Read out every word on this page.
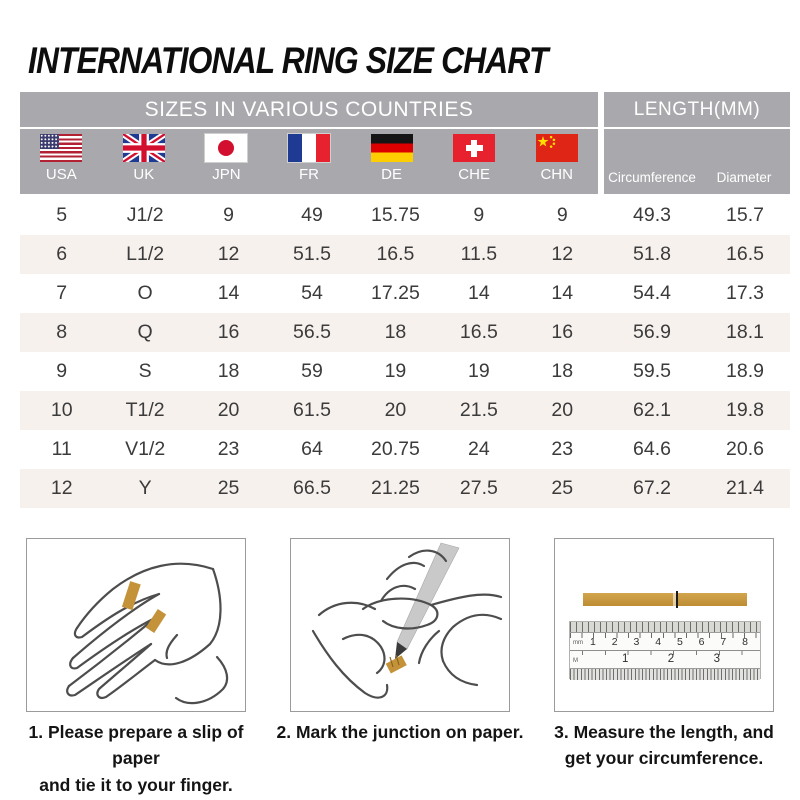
INTERNATIONAL RING SIZE CHART
SIZES IN VARIOUS COUNTRIES
USA	UK	JPN	FR	DE	CHE	CHN
LENGTH(MM)
Circumference	Diameter
5	J1/2	9	49	15.75	9	9	49.3	15.7
6	L1/2	12	51.5	16.5	11.5	12	51.8	16.5
7	O	14	54	17.25	14	14	54.4	17.3
8	Q	16	56.5	18	16.5	16	56.9	18.1
9	S	18	59	19	19	18	59.5	18.9
10	T1/2	20	61.5	20	21.5	20	62.1	19.8
11	V1/2	23	64	20.75	24	23	64.6	20.6
12	Y	25	66.5	21.25	27.5	25	67.2	21.4
1. Please prepare a slip of paper
and tie it to your finger.
2. Mark the junction on paper.
mm 1 2 3 4 5 6 7 8
M	1	2	3
3. Measure the length, and
get your circumference.
